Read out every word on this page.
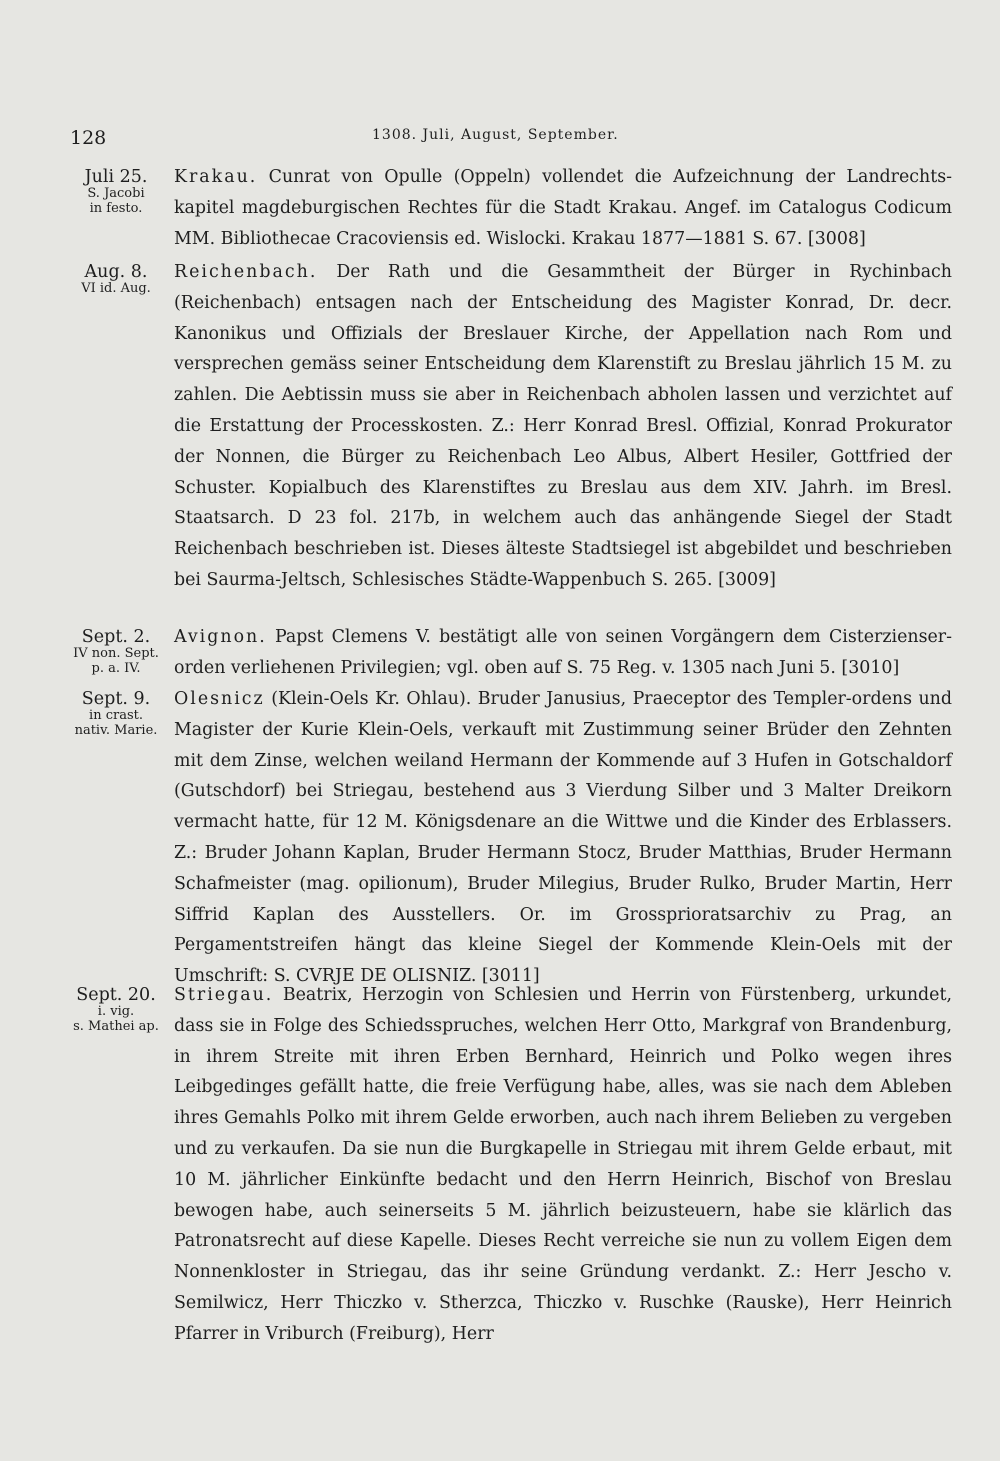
128	1308. Juli, August, September.
Juli 25.
S. Jacobi
in festo.
Krakau. Cunrat von Opulle (Oppeln) vollendet die Aufzeichnung der Landrechts-kapitel magdeburgischen Rechtes für die Stadt Krakau. Angef. im Catalogus Codicum MM. Bibliothecae Cracoviensis ed. Wislocki. Krakau 1877—1881 S. 67. [3008]
Aug. 8.
VI id. Aug.
Reichenbach. Der Rath und die Gesammtheit der Bürger in Rychinbach (Reichenbach) entsagen nach der Entscheidung des Magister Konrad, Dr. decr. Kanonikus und Offizials der Breslauer Kirche, der Appellation nach Rom und versprechen gemäss seiner Entscheidung dem Klarenstift zu Breslau jährlich 15 M. zu zahlen. Die Aebtissin muss sie aber in Reichenbach abholen lassen und verzichtet auf die Erstattung der Processkosten. Z.: Herr Konrad Bresl. Offizial, Konrad Prokurator der Nonnen, die Bürger zu Reichenbach Leo Albus, Albert Hesiler, Gottfried der Schuster. Kopialbuch des Klarenstiftes zu Breslau aus dem XIV. Jahrh. im Bresl. Staatsarch. D 23 fol. 217b, in welchem auch das anhängende Siegel der Stadt Reichenbach beschrieben ist. Dieses älteste Stadtsiegel ist abgebildet und beschrieben bei Saurma-Jeltsch, Schlesisches Städte-Wappenbuch S. 265. [3009]
Sept. 2.
IV non. Sept.
p. a. IV.
Avignon. Papst Clemens V. bestätigt alle von seinen Vorgängern dem Cisterzienser-orden verliehenen Privilegien; vgl. oben auf S. 75 Reg. v. 1305 nach Juni 5. [3010]
Sept. 9.
in crast.
nativ. Marie.
Olesnicz (Klein-Oels Kr. Ohlau). Bruder Janusius, Praeceptor des Templer-ordens und Magister der Kurie Klein-Oels, verkauft mit Zustimmung seiner Brüder den Zehnten mit dem Zinse, welchen weiland Hermann der Kommende auf 3 Hufen in Gotschaldorf (Gutschdorf) bei Striegau, bestehend aus 3 Vierdung Silber und 3 Malter Dreikorn vermacht hatte, für 12 M. Königsdenare an die Wittwe und die Kinder des Erblassers. Z.: Bruder Johann Kaplan, Bruder Hermann Stocz, Bruder Matthias, Bruder Hermann Schafmeister (mag. opilionum), Bruder Milegius, Bruder Rulko, Bruder Martin, Herr Siffrid Kaplan des Ausstellers. Or. im Grossprioratsarchiv zu Prag, an Pergamentstreifen hängt das kleine Siegel der Kommende Klein-Oels mit der Umschrift: S. CVRJE DE OLISNIZ. [3011]
Sept. 20.
i. vig.
s. Mathei ap.
Striegau. Beatrix, Herzogin von Schlesien und Herrin von Fürstenberg, urkundet, dass sie in Folge des Schiedsspruches, welchen Herr Otto, Markgraf von Brandenburg, in ihrem Streite mit ihren Erben Bernhard, Heinrich und Polko wegen ihres Leibgedinges gefällt hatte, die freie Verfügung habe, alles, was sie nach dem Ableben ihres Gemahls Polko mit ihrem Gelde erworben, auch nach ihrem Belieben zu vergeben und zu verkaufen. Da sie nun die Burgkapelle in Striegau mit ihrem Gelde erbaut, mit 10 M. jährlicher Einkünfte bedacht und den Herrn Heinrich, Bischof von Breslau bewogen habe, auch seinerseits 5 M. jährlich beizusteuern, habe sie klärlich das Patronatsrecht auf diese Kapelle. Dieses Recht verreiche sie nun zu vollem Eigen dem Nonnenkloster in Striegau, das ihr seine Gründung verdankt. Z.: Herr Jescho v. Semilwicz, Herr Thiczko v. Stherzca, Thiczko v. Ruschke (Rauske), Herr Heinrich Pfarrer in Vriburch (Freiburg), Herr
